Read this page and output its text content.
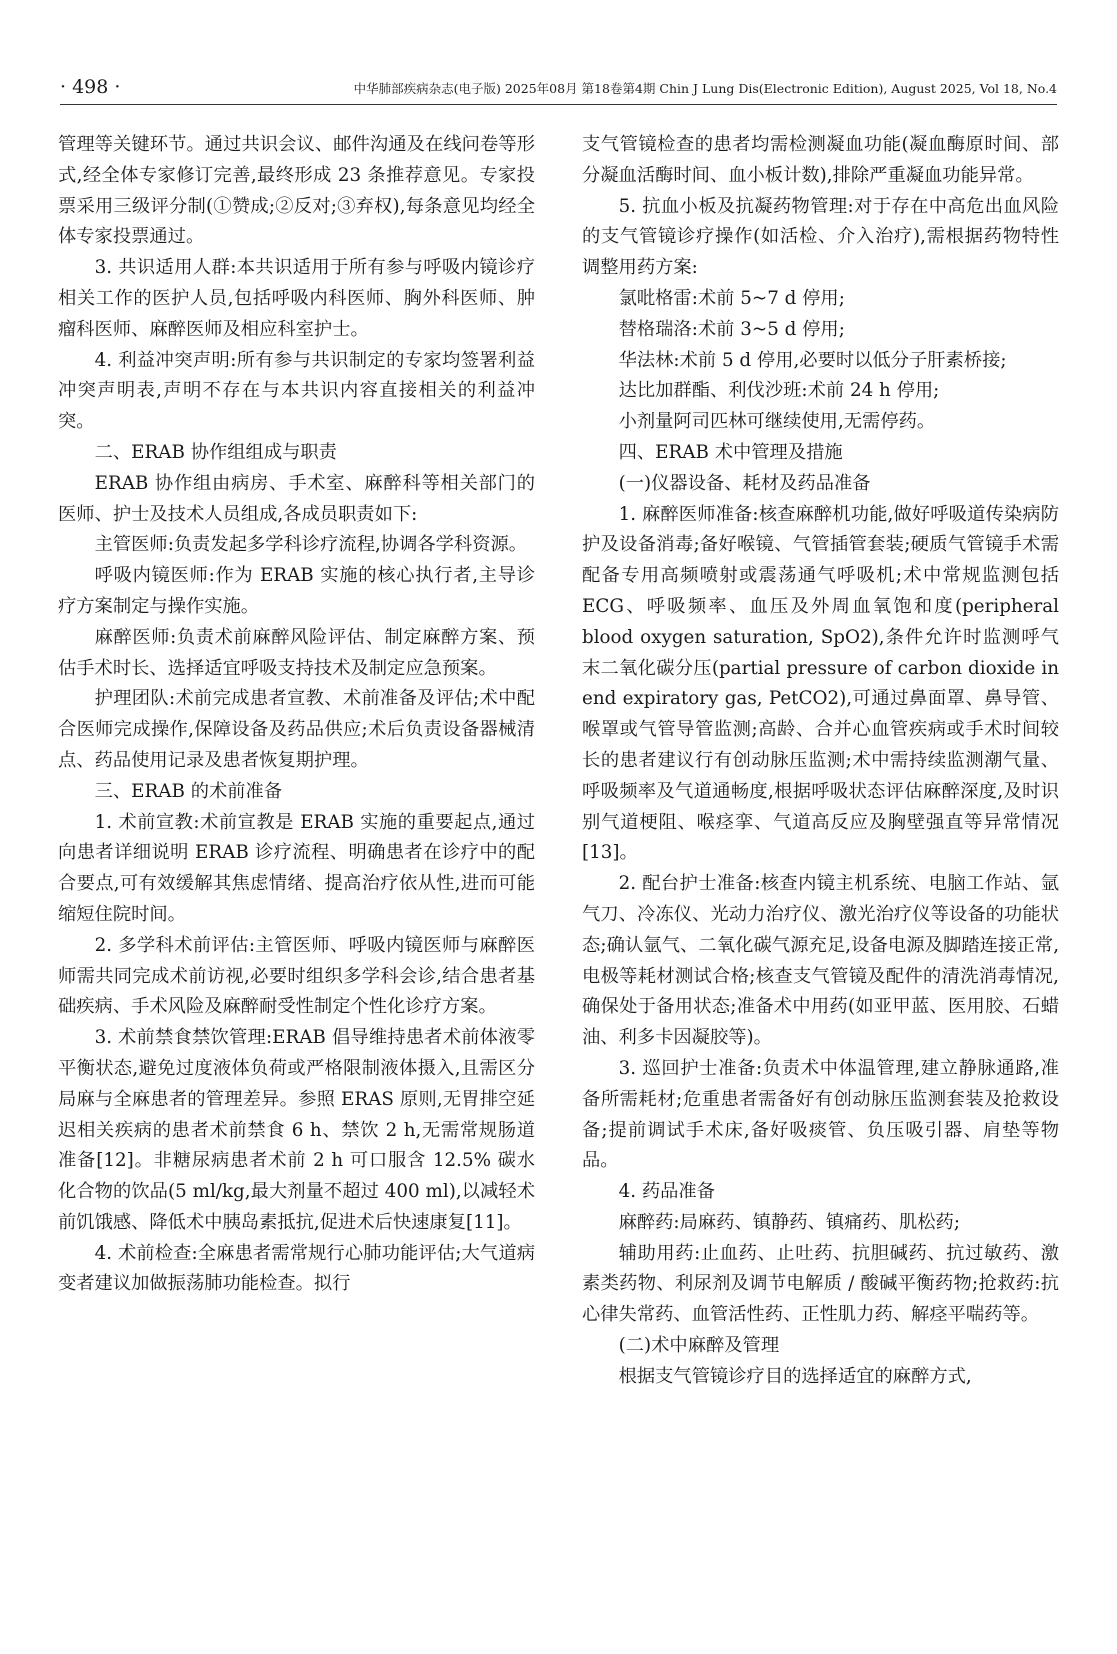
· 498 ·	中华肺部疾病杂志(电子版) 2025年08月 第18卷第4期 Chin J Lung Dis(Electronic Edition), August 2025, Vol 18, No.4

管理等关键环节。通过共识会议、邮件沟通及在线问卷等形式,经全体专家修订完善,最终形成 23 条推荐意见。专家投票采用三级评分制(①赞成;②反对;③弃权),每条意见均经全体专家投票通过。

3. 共识适用人群:本共识适用于所有参与呼吸内镜诊疗相关工作的医护人员,包括呼吸内科医师、胸外科医师、肿瘤科医师、麻醉医师及相应科室护士。

4. 利益冲突声明:所有参与共识制定的专家均签署利益冲突声明表,声明不存在与本共识内容直接相关的利益冲突。

二、ERAB 协作组组成与职责

ERAB 协作组由病房、手术室、麻醉科等相关部门的医师、护士及技术人员组成,各成员职责如下:

主管医师:负责发起多学科诊疗流程,协调各学科资源。

呼吸内镜医师:作为 ERAB 实施的核心执行者,主导诊疗方案制定与操作实施。

麻醉医师:负责术前麻醉风险评估、制定麻醉方案、预估手术时长、选择适宜呼吸支持技术及制定应急预案。

护理团队:术前完成患者宣教、术前准备及评估;术中配合医师完成操作,保障设备及药品供应;术后负责设备器械清点、药品使用记录及患者恢复期护理。

三、ERAB 的术前准备

1. 术前宣教:术前宣教是 ERAB 实施的重要起点,通过向患者详细说明 ERAB 诊疗流程、明确患者在诊疗中的配合要点,可有效缓解其焦虑情绪、提高治疗依从性,进而可能缩短住院时间。

2. 多学科术前评估:主管医师、呼吸内镜医师与麻醉医师需共同完成术前访视,必要时组织多学科会诊,结合患者基础疾病、手术风险及麻醉耐受性制定个性化诊疗方案。

3. 术前禁食禁饮管理:ERAB 倡导维持患者术前体液零平衡状态,避免过度液体负荷或严格限制液体摄入,且需区分局麻与全麻患者的管理差异。参照 ERAS 原则,无胃排空延迟相关疾病的患者术前禁食 6 h、禁饮 2 h,无需常规肠道准备[12]。非糖尿病患者术前 2 h 可口服含 12.5% 碳水化合物的饮品(5 ml/kg,最大剂量不超过 400 ml),以减轻术前饥饿感、降低术中胰岛素抵抗,促进术后快速康复[11]。

4. 术前检查:全麻患者需常规行心肺功能评估;大气道病变者建议加做振荡肺功能检查。拟行

支气管镜检查的患者均需检测凝血功能(凝血酶原时间、部分凝血活酶时间、血小板计数),排除严重凝血功能异常。

5. 抗血小板及抗凝药物管理:对于存在中高危出血风险的支气管镜诊疗操作(如活检、介入治疗),需根据药物特性调整用药方案:

氯吡格雷:术前 5~7 d 停用;

替格瑞洛:术前 3~5 d 停用;

华法林:术前 5 d 停用,必要时以低分子肝素桥接;

达比加群酯、利伐沙班:术前 24 h 停用;

小剂量阿司匹林可继续使用,无需停药。

四、ERAB 术中管理及措施

(一)仪器设备、耗材及药品准备

1. 麻醉医师准备:核查麻醉机功能,做好呼吸道传染病防护及设备消毒;备好喉镜、气管插管套装;硬质气管镜手术需配备专用高频喷射或震荡通气呼吸机;术中常规监测包括 ECG、呼吸频率、血压及外周血氧饱和度(peripheral blood oxygen saturation, SpO2),条件允许时监测呼气末二氧化碳分压(partial pressure of carbon dioxide in end expiratory gas, PetCO2),可通过鼻面罩、鼻导管、喉罩或气管导管监测;高龄、合并心血管疾病或手术时间较长的患者建议行有创动脉压监测;术中需持续监测潮气量、呼吸频率及气道通畅度,根据呼吸状态评估麻醉深度,及时识别气道梗阻、喉痉挛、气道高反应及胸壁强直等异常情况[13]。

2. 配台护士准备:核查内镜主机系统、电脑工作站、氩气刀、冷冻仪、光动力治疗仪、激光治疗仪等设备的功能状态;确认氩气、二氧化碳气源充足,设备电源及脚踏连接正常,电极等耗材测试合格;核查支气管镜及配件的清洗消毒情况,确保处于备用状态;准备术中用药(如亚甲蓝、医用胶、石蜡油、利多卡因凝胶等)。

3. 巡回护士准备:负责术中体温管理,建立静脉通路,准备所需耗材;危重患者需备好有创动脉压监测套装及抢救设备;提前调试手术床,备好吸痰管、负压吸引器、肩垫等物品。

4. 药品准备

麻醉药:局麻药、镇静药、镇痛药、肌松药;

辅助用药:止血药、止吐药、抗胆碱药、抗过敏药、激素类药物、利尿剂及调节电解质 / 酸碱平衡药物;抢救药:抗心律失常药、血管活性药、正性肌力药、解痉平喘药等。

(二)术中麻醉及管理

根据支气管镜诊疗目的选择适宜的麻醉方式,
